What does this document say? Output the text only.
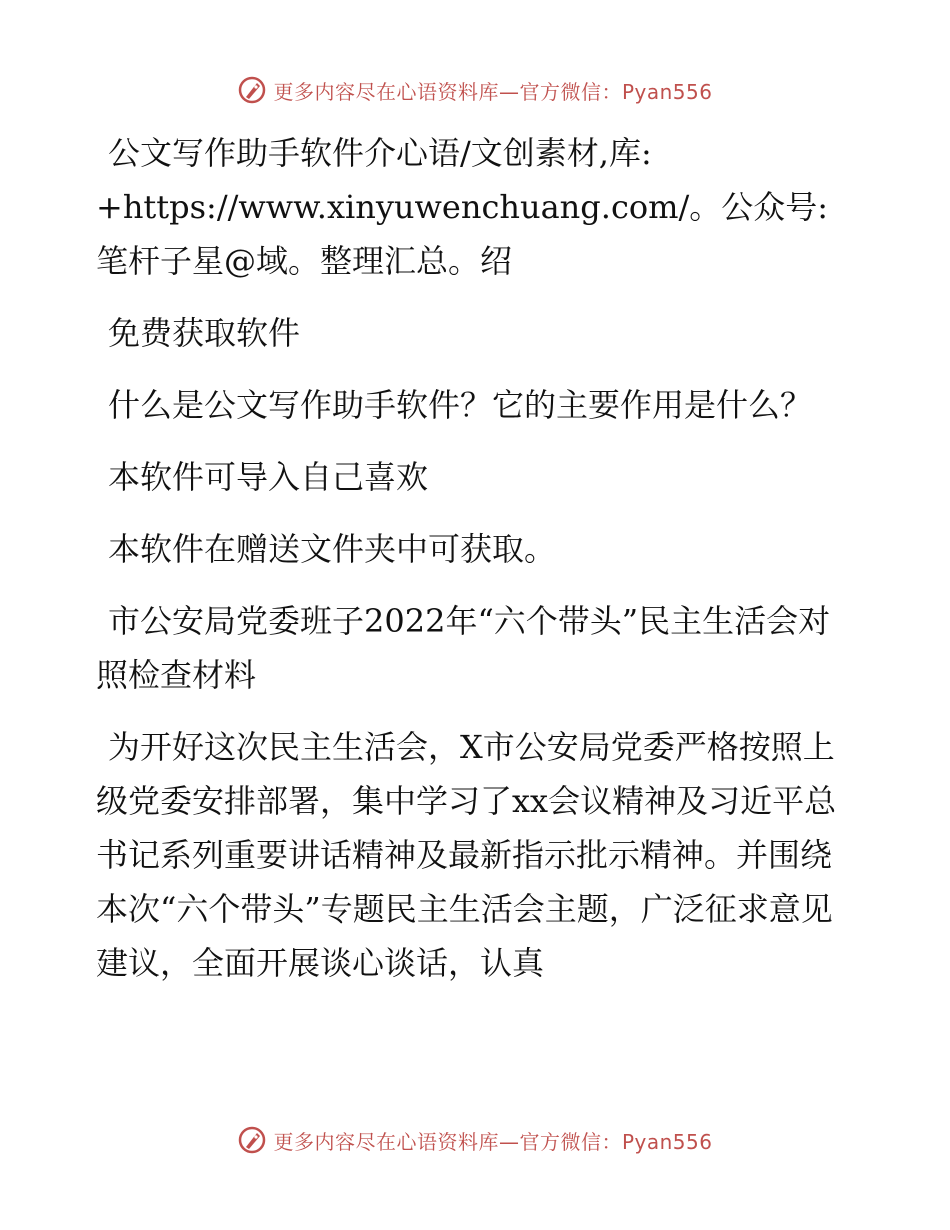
更多内容尽在心语资料库—官方微信：Pyan556

公文写作助手软件介心语/文创素材,库:

+https://www.xinyuwenchuang.com/。公众号: 笔杆子星@域。整理汇总。绍

免费获取软件

什么是公文写作助手软件？它的主要作用是什么？

本软件可导入自己喜欢

本软件在赠送文件夹中可获取。

市公安局党委班子2022年“六个带头”民主生活会对照检查材料

为开好这次民主生活会，X市公安局党委严格按照上级党委安排部署，集中学习了xx会议精神及习近平总书记系列重要讲话精神及最新指示批示精神。并围绕本次“六个带头”专题民主生活会主题，广泛征求意见建议，全面开展谈心谈话，认真

更多内容尽在心语资料库—官方微信：Pyan556
